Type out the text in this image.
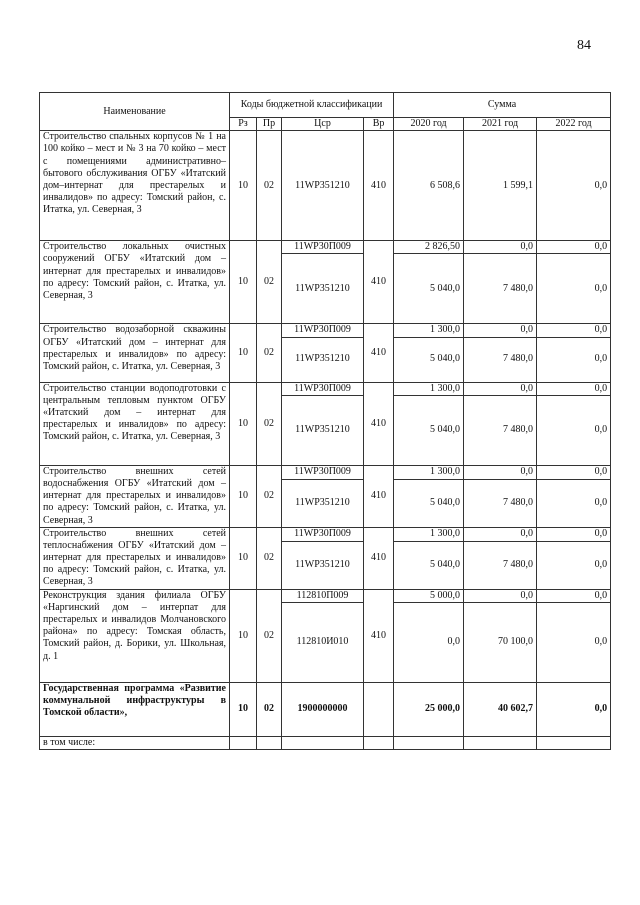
84
Наименование	Коды бюджетной классификации				Сумма		
	Рз	Пр	Цср	Вр	2020 год	2021 год	2022 год
Строительство спальных корпусов № 1 на 100 койко – мест и № 3 на 70 койко – мест с помещениями административно–бытового обслуживания ОГБУ «Итатский дом–интернат для престарелых и инвалидов» по адресу: Томский район, с. Итатка, ул. Северная, 3	10	02	11WP351210	410	6 508,6	1 599,1	0,0
Строительство локальных очистных сооружений ОГБУ «Итатский дом – интернат для престарелых и инвалидов» по адресу: Томский район, с. Итатка, ул. Северная, 3	10	02	11WP30П009	410	2 826,50	0,0	0,0
			11WP351210		5 040,0	7 480,0	0,0
Строительство водозаборной скважины ОГБУ «Итатский дом – интернат для престарелых и инвалидов» по адресу: Томский район, с. Итатка, ул. Северная, 3	10	02	11WP30П009	410	1 300,0	0,0	0,0
			11WP351210		5 040,0	7 480,0	0,0
Строительство станции водоподготовки с центральным тепловым пунктом ОГБУ «Итатский дом – интернат для престарелых и инвалидов» по адресу: Томский район, с. Итатка, ул. Северная, 3	10	02	11WP30П009	410	1 300,0	0,0	0,0
			11WP351210		5 040,0	7 480,0	0,0
Строительство внешних сетей водоснабжения ОГБУ «Итатский дом – интернат для престарелых и инвалидов» по адресу: Томский район, с. Итатка, ул. Северная, 3	10	02	11WP30П009	410	1 300,0	0,0	0,0
			11WP351210		5 040,0	7 480,0	0,0
Строительство внешних сетей теплоснабжения ОГБУ «Итатский дом – интернат для престарелых и инвалидов» по адресу: Томский район, с. Итатка, ул. Северная, 3	10	02	11WP30П009	410	1 300,0	0,0	0,0
			11WP351210		5 040,0	7 480,0	0,0
Реконструкция здания филиала ОГБУ «Наргинский дом – интерпат для престарелых и инвалидов Молчановского района» по адресу: Томская область, Томский район, д. Борики, ул. Школьная, д. 1	10	02	112810П009	410	5 000,0	0,0	0,0
			112810И010		0,0	70 100,0	0,0
Государственная программа «Развитие коммунальной инфраструктуры в Томской области»,	10	02	1900000000		25 000,0	40 602,7	0,0
в том числе:							
